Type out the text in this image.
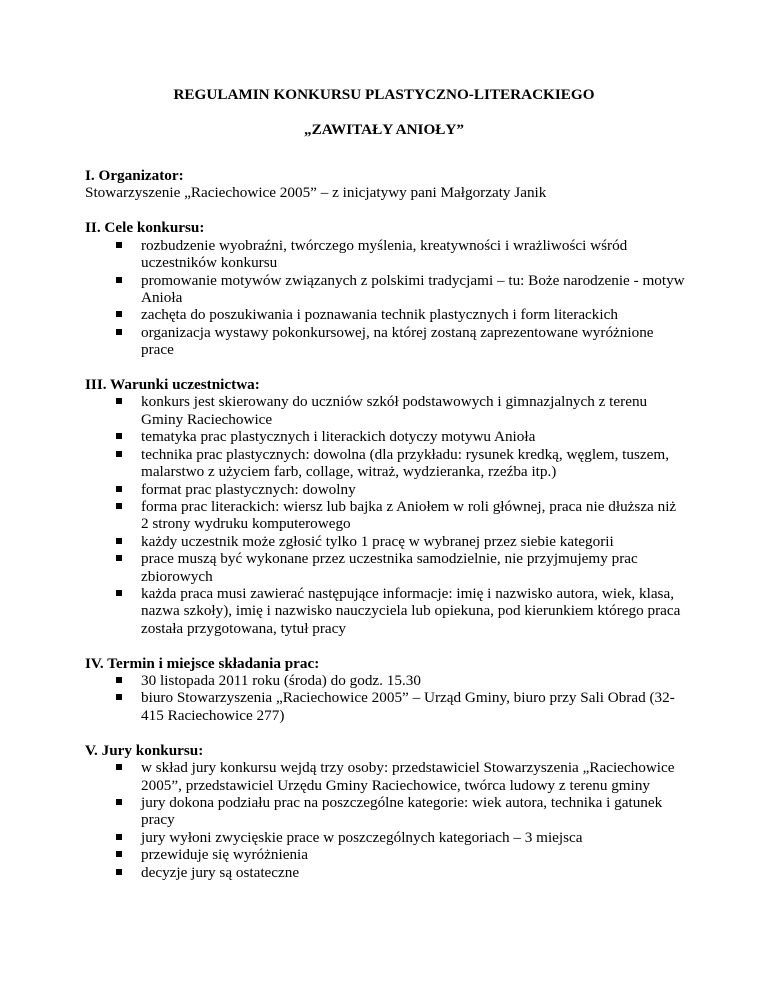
REGULAMIN KONKURSU PLASTYCZNO-LITERACKIEGO
„ZAWITAŁY ANIOŁY”
I. Organizator:

Stowarzyszenie „Raciechowice 2005” – z inicjatywy pani Małgorzaty Janik

II. Cele konkursu:
rozbudzenie wyobraźni, twórczego myślenia, kreatywności i wrażliwości wśród uczestników konkursu
promowanie motywów związanych z polskimi tradycjami – tu: Boże narodzenie - motyw Anioła
zachęta do poszukiwania i poznawania technik plastycznych i form literackich
organizacja wystawy pokonkursowej, na której zostaną zaprezentowane wyróżnione prace
III. Warunki uczestnictwa:
konkurs jest skierowany do uczniów szkół podstawowych i gimnazjalnych z terenu Gminy Raciechowice
tematyka prac plastycznych i literackich dotyczy motywu Anioła
technika prac plastycznych: dowolna (dla przykładu: rysunek kredką, węglem, tuszem, malarstwo z użyciem farb, collage, witraż, wydzieranka, rzeźba itp.)
format prac plastycznych: dowolny
forma prac literackich: wiersz lub bajka z Aniołem w roli głównej, praca nie dłuższa niż 2 strony wydruku komputerowego
każdy uczestnik może zgłosić tylko 1 pracę w wybranej przez siebie kategorii
prace muszą być wykonane przez uczestnika samodzielnie, nie przyjmujemy prac zbiorowych
każda praca musi zawierać następujące informacje: imię i nazwisko autora, wiek, klasa, nazwa szkoły), imię i nazwisko nauczyciela lub opiekuna, pod kierunkiem którego praca została przygotowana, tytuł pracy
IV. Termin i miejsce składania prac:
30 listopada 2011 roku (środa) do godz. 15.30
biuro Stowarzyszenia „Raciechowice 2005” – Urząd Gminy, biuro przy Sali Obrad (32-415 Raciechowice 277)
V. Jury konkursu:
w skład jury konkursu wejdą trzy osoby: przedstawiciel Stowarzyszenia „Raciechowice 2005”, przedstawiciel Urzędu Gminy Raciechowice, twórca ludowy z terenu gminy
jury dokona podziału prac na poszczególne kategorie: wiek autora, technika i gatunek pracy
jury wyłoni zwycięskie prace w poszczególnych kategoriach – 3 miejsca
przewiduje się wyróżnienia
decyzje jury są ostateczne
